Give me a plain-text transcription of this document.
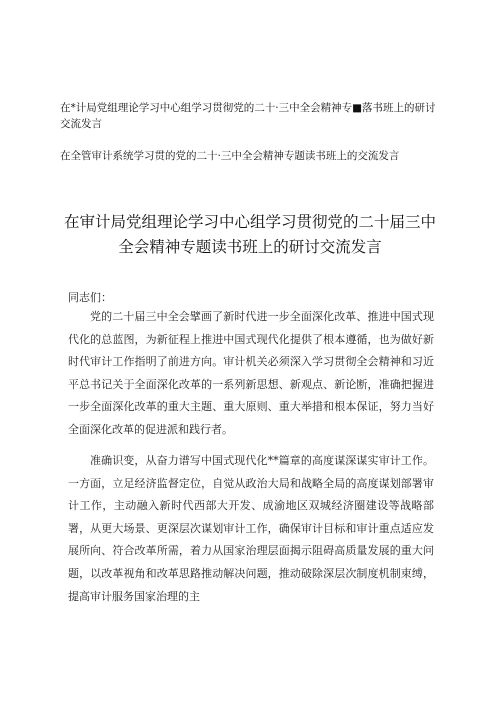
在*计局党组理论学习中心组学习贯彻党的二十·三中全会精神专■落书班上的研讨交流发言
在全管审计系统学习贯的党的二十·三中全会精神专题读书班上的交流发言
在审计局党组理论学习中心组学习贯彻党的二十届三中
全会精神专题读书班上的研讨交流发言
同志们：

党的二十届三中全会擘画了新时代进一步全面深化改革、推进中国式现代化的总蓝图，为新征程上推进中国式现代化提供了根本遵循，也为做好新时代审计工作指明了前进方向。审计机关必须深入学习贯彻全会精神和习近平总书记关于全面深化改革的一系列新思想、新观点、新论断，准确把握进一步全面深化改革的重大主题、重大原则、重大举措和根本保证，努力当好全面深化改革的促进派和践行者。

准确识变，从奋力谱写中国式现代化**篇章的高度谋深谋实审计工作。一方面，立足经济监督定位，自觉从政治大局和战略全局的高度谋划部署审计工作，主动融入新时代西部大开发、成渝地区双城经济圈建设等战略部署，从更大场景、更深层次谋划审计工作，确保审计目标和审计重点适应发展所向、符合改革所需，着力从国家治理层面揭示阻碍高质量发展的重大问题，以改革视角和改革思路推动解决问题，推动破除深层次制度机制束缚，提高审计服务国家治理的主
